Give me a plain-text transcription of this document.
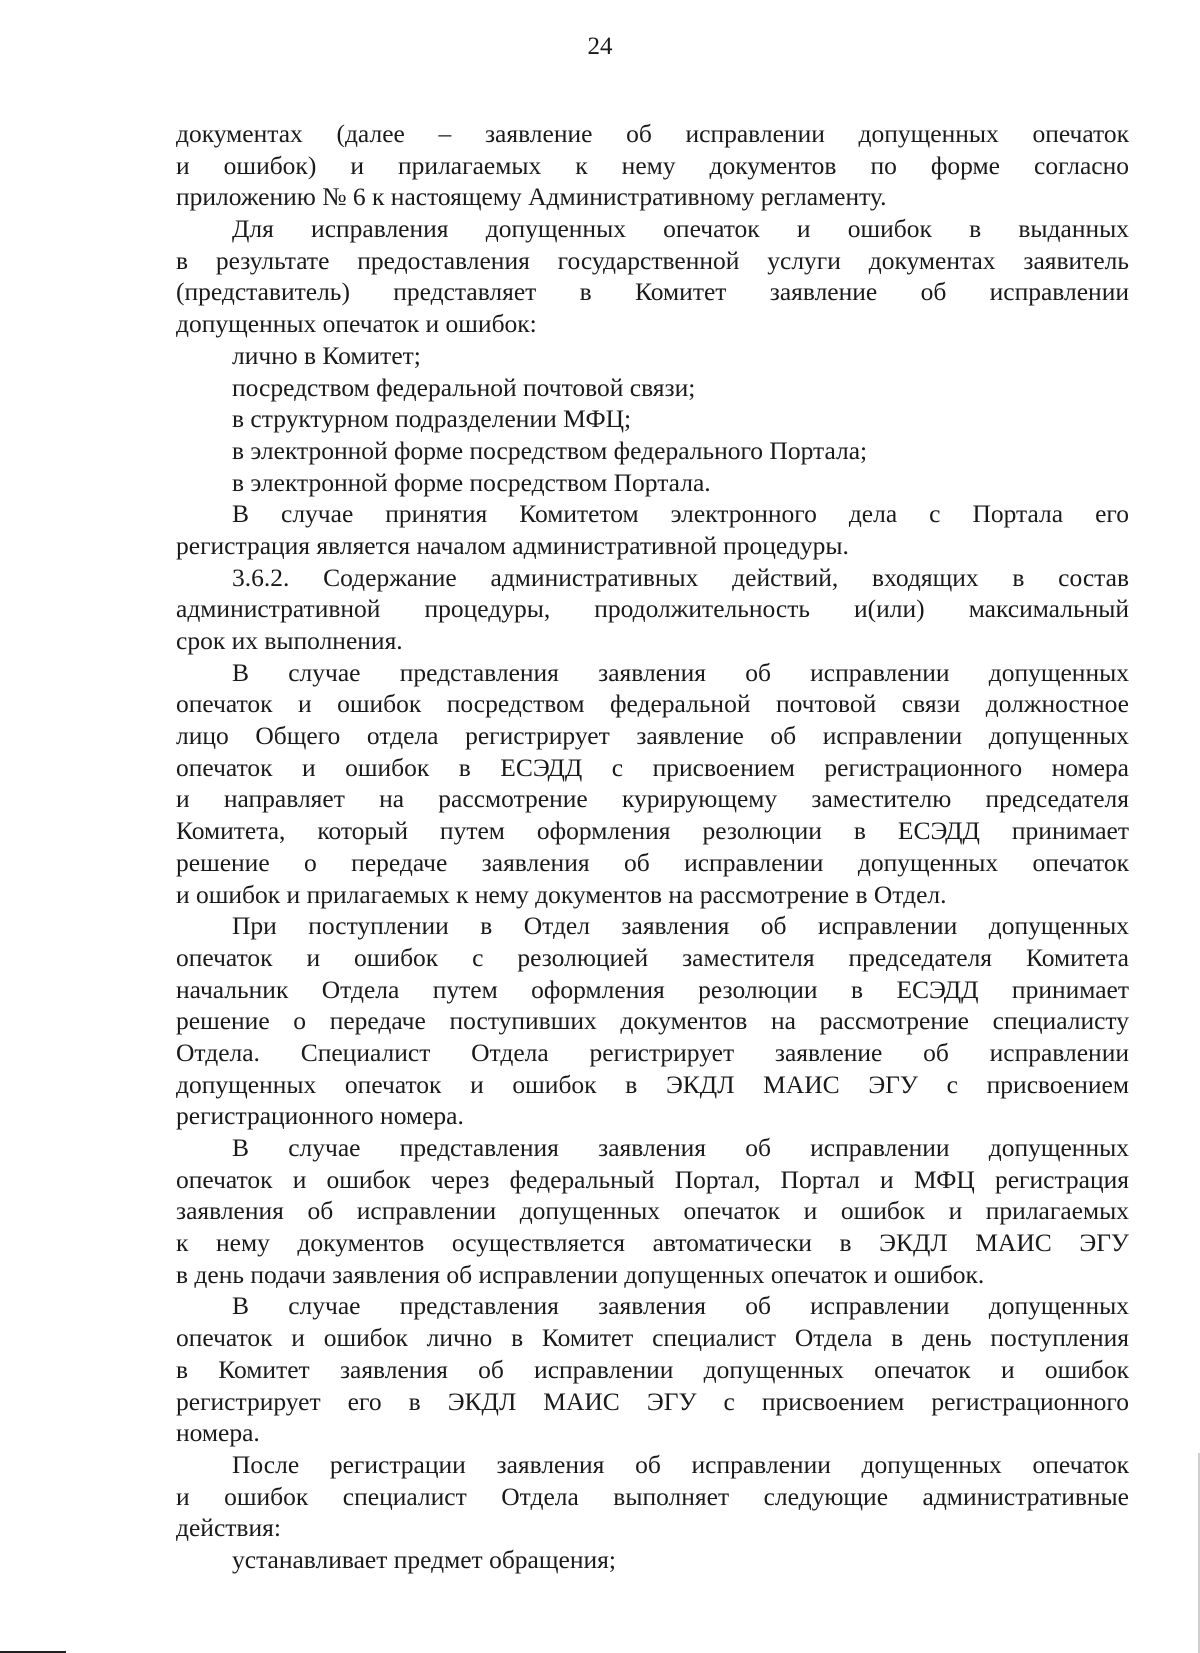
24
документах (далее – заявление об исправлении допущенных опечаток
и ошибок) и прилагаемых к нему документов по форме согласно
приложению № 6 к настоящему Административному регламенту.
Для исправления допущенных опечаток и ошибок в выданных
в результате предоставления государственной услуги документах заявитель
(представитель) представляет в Комитет заявление об исправлении
допущенных опечаток и ошибок:
лично в Комитет;
посредством федеральной почтовой связи;
в структурном подразделении МФЦ;
в электронной форме посредством федерального Портала;
в электронной форме посредством Портала.
В случае принятия Комитетом электронного дела с Портала его
регистрация является началом административной процедуры.
3.6.2. Содержание административных действий, входящих в состав
административной процедуры, продолжительность и(или) максимальный
срок их выполнения.
В случае представления заявления об исправлении допущенных
опечаток и ошибок посредством федеральной почтовой связи должностное
лицо Общего отдела регистрирует заявление об исправлении допущенных
опечаток и ошибок в ЕСЭДД с присвоением регистрационного номера
и направляет на рассмотрение курирующему заместителю председателя
Комитета, который путем оформления резолюции в ЕСЭДД принимает
решение о передаче заявления об исправлении допущенных опечаток
и ошибок и прилагаемых к нему документов на рассмотрение в Отдел.
При поступлении в Отдел заявления об исправлении допущенных
опечаток и ошибок с резолюцией заместителя председателя Комитета
начальник Отдела путем оформления резолюции в ЕСЭДД принимает
решение о передаче поступивших документов на рассмотрение специалисту
Отдела. Специалист Отдела регистрирует заявление об исправлении
допущенных опечаток и ошибок в ЭКДЛ МАИС ЭГУ с присвоением
регистрационного номера.
В случае представления заявления об исправлении допущенных
опечаток и ошибок через федеральный Портал, Портал и МФЦ регистрация
заявления об исправлении допущенных опечаток и ошибок и прилагаемых
к нему документов осуществляется автоматически в ЭКДЛ МАИС ЭГУ
в день подачи заявления об исправлении допущенных опечаток и ошибок.
В случае представления заявления об исправлении допущенных
опечаток и ошибок лично в Комитет специалист Отдела в день поступления
в Комитет заявления об исправлении допущенных опечаток и ошибок
регистрирует его в ЭКДЛ МАИС ЭГУ с присвоением регистрационного
номера.
После регистрации заявления об исправлении допущенных опечаток
и ошибок специалист Отдела выполняет следующие административные
действия:
устанавливает предмет обращения;
